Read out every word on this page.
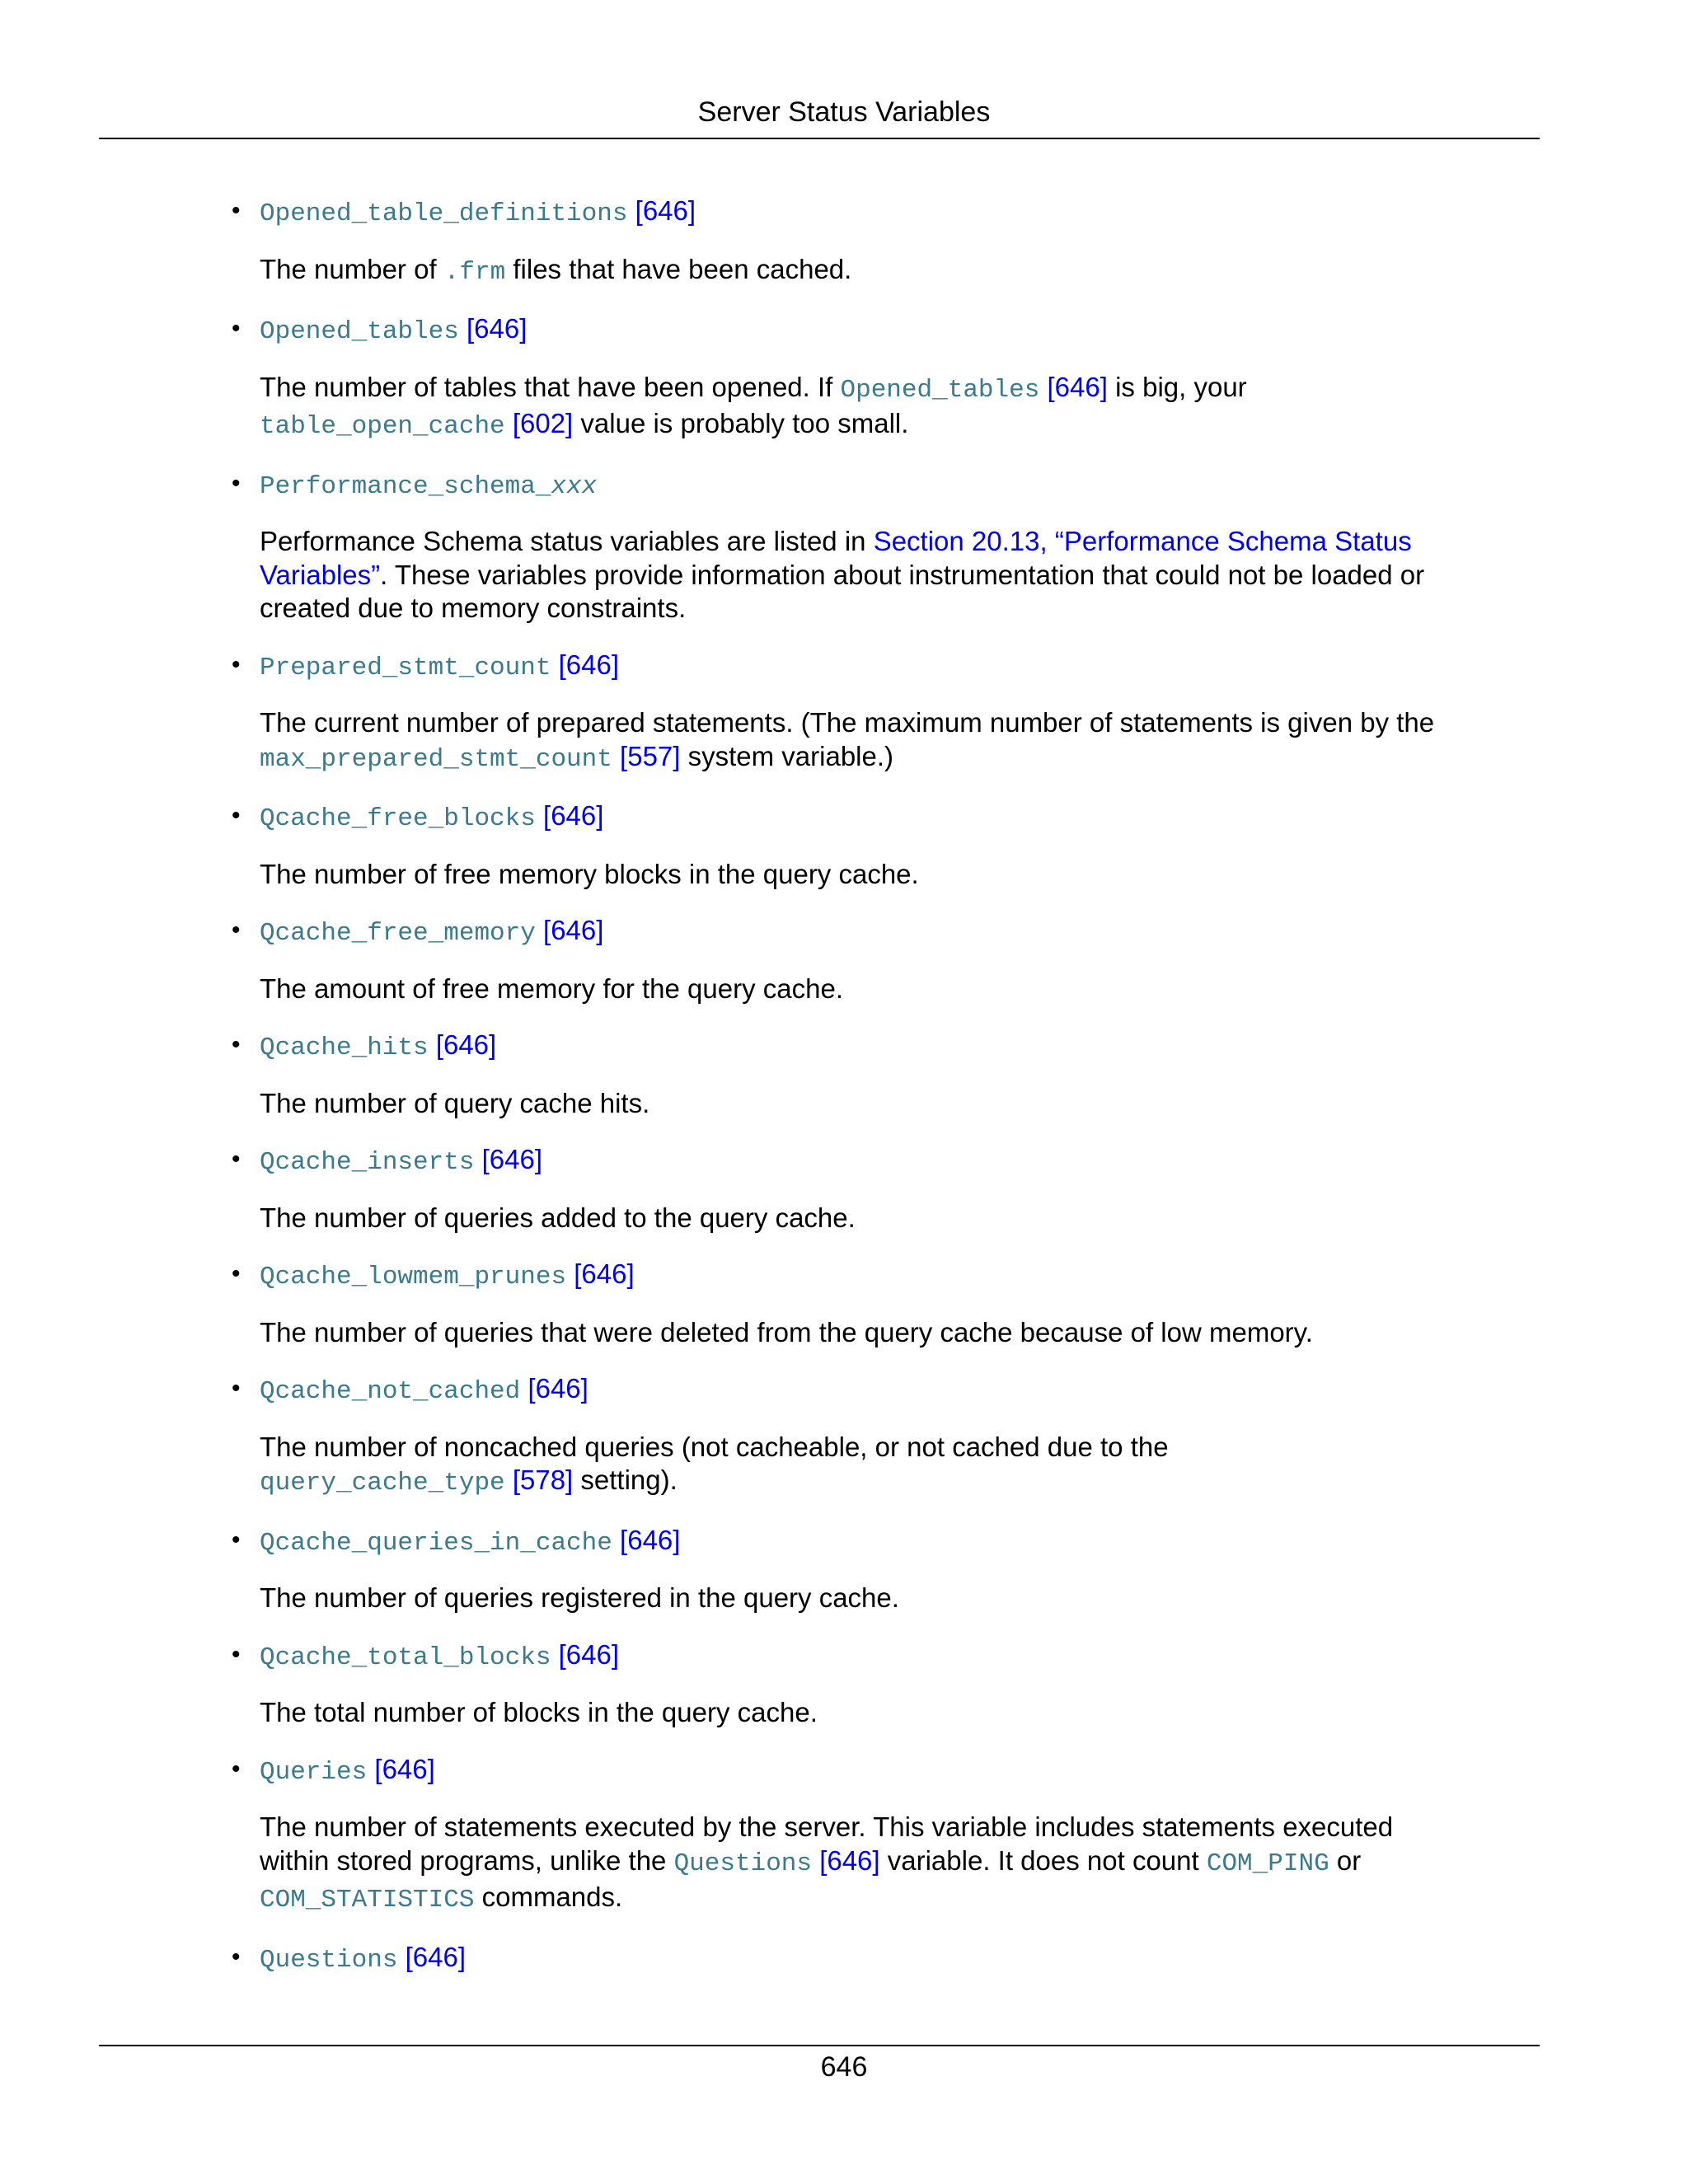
Server Status Variables
• Opened_table_definitions [646]
The number of .frm files that have been cached.
• Opened_tables [646]
The number of tables that have been opened. If Opened_tables [646] is big, your
table_open_cache [602] value is probably too small.
• Performance_schema_xxx
Performance Schema status variables are listed in Section 20.13, “Performance Schema Status Variables”. These variables provide information about instrumentation that could not be loaded or created due to memory constraints.
• Prepared_stmt_count [646]
The current number of prepared statements. (The maximum number of statements is given by the
max_prepared_stmt_count [557] system variable.)
• Qcache_free_blocks [646]
The number of free memory blocks in the query cache.
• Qcache_free_memory [646]
The amount of free memory for the query cache.
• Qcache_hits [646]
The number of query cache hits.
• Qcache_inserts [646]
The number of queries added to the query cache.
• Qcache_lowmem_prunes [646]
The number of queries that were deleted from the query cache because of low memory.
• Qcache_not_cached [646]
The number of noncached queries (not cacheable, or not cached due to the
query_cache_type [578] setting).
• Qcache_queries_in_cache [646]
The number of queries registered in the query cache.
• Qcache_total_blocks [646]
The total number of blocks in the query cache.
• Queries [646]
The number of statements executed by the server. This variable includes statements executed within stored programs, unlike the Questions [646] variable. It does not count COM_PING or
COM_STATISTICS commands.
• Questions [646]
646
